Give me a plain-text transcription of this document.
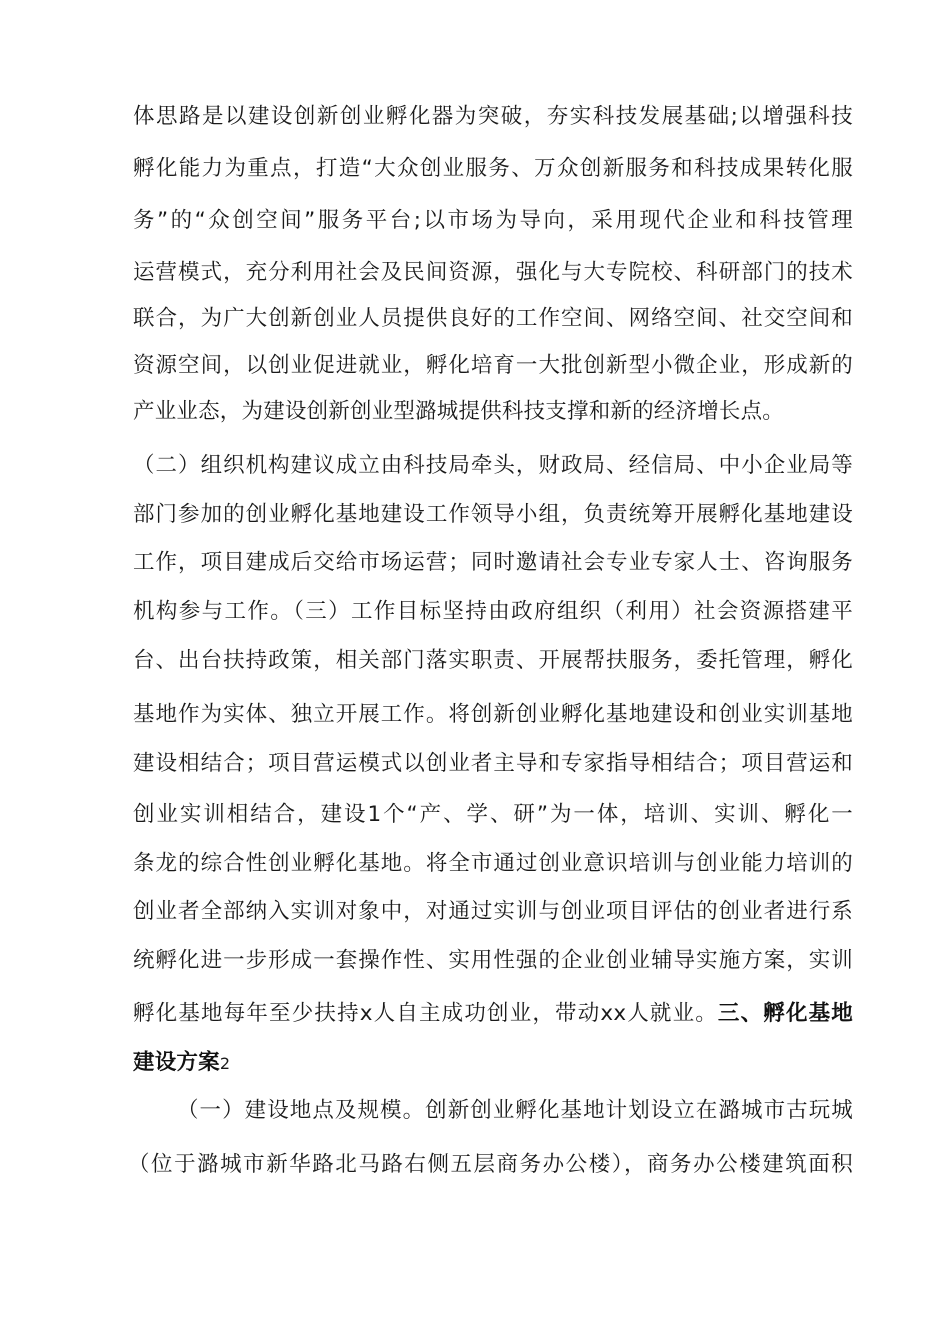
体思路是以建设创新创业孵化器为突破，夯实科技发展基础;以增强科技
孵化能力为重点，打造“大众创业服务、万众创新服务和科技成果转化服
务”的“众创空间”服务平台;以市场为导向，采用现代企业和科技管理
运营模式，充分利用社会及民间资源，强化与大专院校、科研部门的技术
联合，为广大创新创业人员提供良好的工作空间、网络空间、社交空间和
资源空间，以创业促进就业，孵化培育一大批创新型小微企业，形成新的
产业业态，为建设创新创业型潞城提供科技支撑和新的经济增长点。
（二）组织机构建议成立由科技局牵头，财政局、经信局、中小企业局等
部门参加的创业孵化基地建设工作领导小组，负责统筹开展孵化基地建设
工作，项目建成后交给市场运营；同时邀请社会专业专家人士、咨询服务
机构参与工作。（三）工作目标坚持由政府组织（利用）社会资源搭建平
台、出台扶持政策，相关部门落实职责、开展帮扶服务，委托管理，孵化
基地作为实体、独立开展工作。将创新创业孵化基地建设和创业实训基地
建设相结合；项目营运模式以创业者主导和专家指导相结合；项目营运和
创业实训相结合，建设1个“产、学、研”为一体，培训、实训、孵化一
条龙的综合性创业孵化基地。将全市通过创业意识培训与创业能力培训的
创业者全部纳入实训对象中，对通过实训与创业项目评估的创业者进行系
统孵化进一步形成一套操作性、实用性强的企业创业辅导实施方案，实训
孵化基地每年至少扶持x人自主成功创业，带动xx人就业。三、孵化基地
建设方案2
（一）建设地点及规模。创新创业孵化基地计划设立在潞城市古玩城
（位于潞城市新华路北马路右侧五层商务办公楼），商务办公楼建筑面积
